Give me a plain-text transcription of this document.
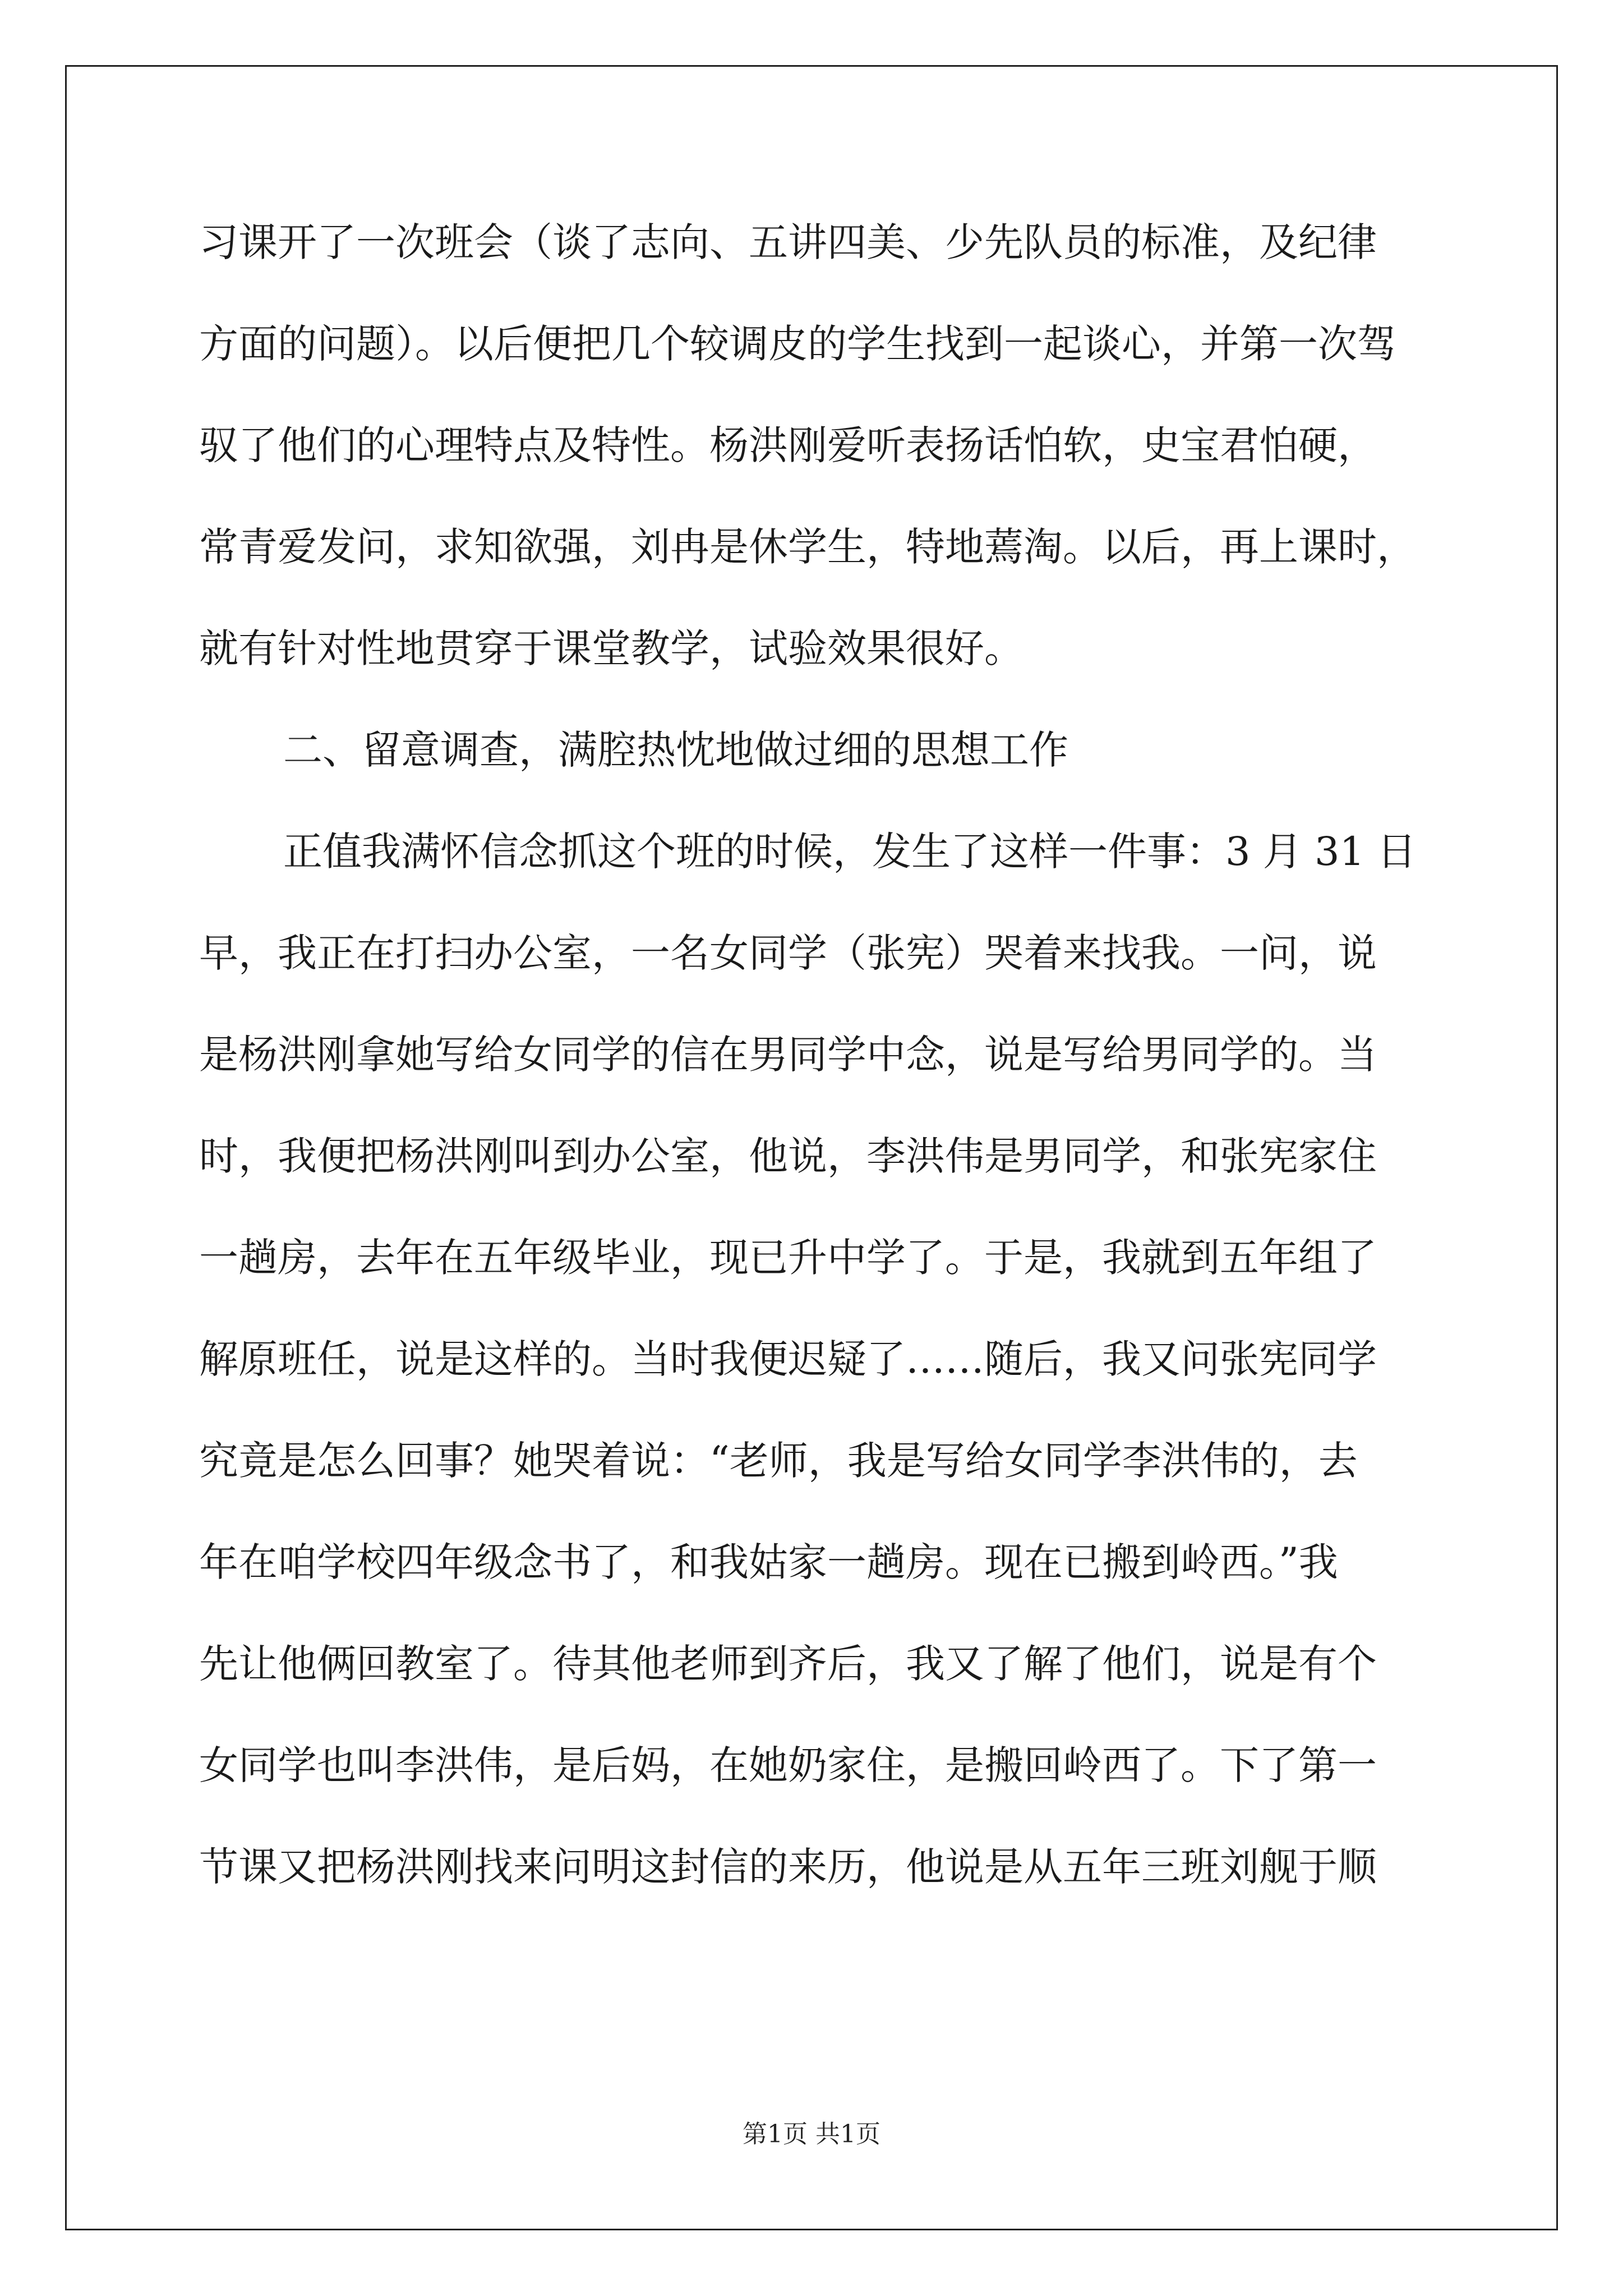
习课开了一次班会（谈了志向、五讲四美、少先队员的标准，及纪律
方面的问题）。以后便把几个较调皮的学生找到一起谈心，并第一次驾
驭了他们的心理特点及特性。杨洪刚爱听表扬话怕软，史宝君怕硬，
常青爱发问，求知欲强，刘冉是休学生，特地蔫淘。以后，再上课时，
就有针对性地贯穿于课堂教学，试验效果很好。
二、留意调查，满腔热忱地做过细的思想工作
正值我满怀信念抓这个班的时候，发生了这样一件事：3 月 31 日
早，我正在打扫办公室，一名女同学（张宪）哭着来找我。一问，说
是杨洪刚拿她写给女同学的信在男同学中念，说是写给男同学的。当
时，我便把杨洪刚叫到办公室，他说，李洪伟是男同学，和张宪家住
一趟房，去年在五年级毕业，现已升中学了。于是，我就到五年组了
解原班任，说是这样的。当时我便迟疑了……随后，我又问张宪同学
究竟是怎么回事？她哭着说：“老师，我是写给女同学李洪伟的，去
年在咱学校四年级念书了，和我姑家一趟房。现在已搬到岭西。”我
先让他俩回教室了。待其他老师到齐后，我又了解了他们，说是有个
女同学也叫李洪伟，是后妈，在她奶家住，是搬回岭西了。下了第一
节课又把杨洪刚找来问明这封信的来历，他说是从五年三班刘舰于顺
第1页 共1页
